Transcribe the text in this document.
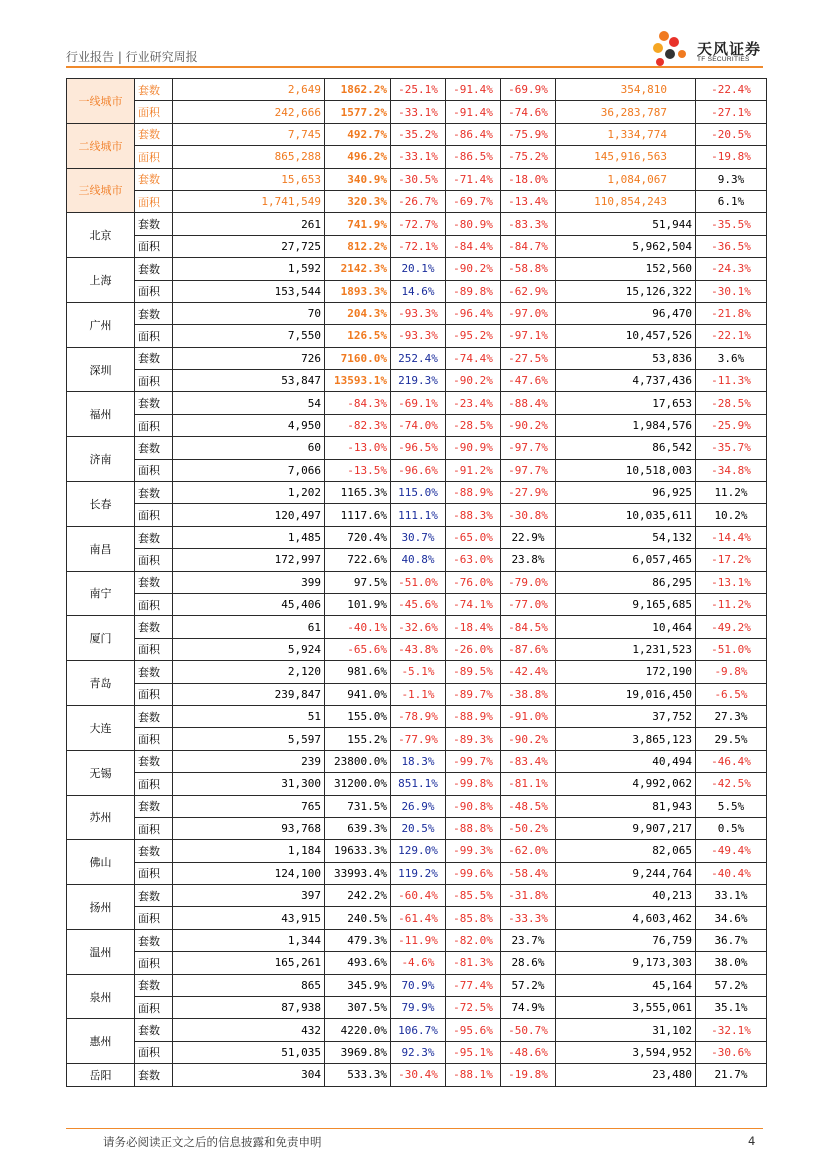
行业报告 | 行业研究周报	天风证券
TF SECURITIES
一线城市	套数	2,649	1862.2%	-25.1%	-91.4%	-69.9%	354,810	-22.4%
	面积	242,666	1577.2%	-33.1%	-91.4%	-74.6%	36,283,787	-27.1%
二线城市	套数	7,745	492.7%	-35.2%	-86.4%	-75.9%	1,334,774	-20.5%
	面积	865,288	496.2%	-33.1%	-86.5%	-75.2%	145,916,563	-19.8%
三线城市	套数	15,653	340.9%	-30.5%	-71.4%	-18.0%	1,084,067	9.3%
	面积	1,741,549	320.3%	-26.7%	-69.7%	-13.4%	110,854,243	6.1%
北京	套数	261	741.9%	-72.7%	-80.9%	-83.3%	51,944	-35.5%
	面积	27,725	812.2%	-72.1%	-84.4%	-84.7%	5,962,504	-36.5%
上海	套数	1,592	2142.3%	20.1%	-90.2%	-58.8%	152,560	-24.3%
	面积	153,544	1893.3%	14.6%	-89.8%	-62.9%	15,126,322	-30.1%
广州	套数	70	204.3%	-93.3%	-96.4%	-97.0%	96,470	-21.8%
	面积	7,550	126.5%	-93.3%	-95.2%	-97.1%	10,457,526	-22.1%
深圳	套数	726	7160.0%	252.4%	-74.4%	-27.5%	53,836	3.6%
	面积	53,847	13593.1%	219.3%	-90.2%	-47.6%	4,737,436	-11.3%
福州	套数	54	-84.3%	-69.1%	-23.4%	-88.4%	17,653	-28.5%
	面积	4,950	-82.3%	-74.0%	-28.5%	-90.2%	1,984,576	-25.9%
济南	套数	60	-13.0%	-96.5%	-90.9%	-97.7%	86,542	-35.7%
	面积	7,066	-13.5%	-96.6%	-91.2%	-97.7%	10,518,003	-34.8%
长春	套数	1,202	1165.3%	115.0%	-88.9%	-27.9%	96,925	11.2%
	面积	120,497	1117.6%	111.1%	-88.3%	-30.8%	10,035,611	10.2%
南昌	套数	1,485	720.4%	30.7%	-65.0%	22.9%	54,132	-14.4%
	面积	172,997	722.6%	40.8%	-63.0%	23.8%	6,057,465	-17.2%
南宁	套数	399	97.5%	-51.0%	-76.0%	-79.0%	86,295	-13.1%
	面积	45,406	101.9%	-45.6%	-74.1%	-77.0%	9,165,685	-11.2%
厦门	套数	61	-40.1%	-32.6%	-18.4%	-84.5%	10,464	-49.2%
	面积	5,924	-65.6%	-43.8%	-26.0%	-87.6%	1,231,523	-51.0%
青岛	套数	2,120	981.6%	-5.1%	-89.5%	-42.4%	172,190	-9.8%
	面积	239,847	941.0%	-1.1%	-89.7%	-38.8%	19,016,450	-6.5%
大连	套数	51	155.0%	-78.9%	-88.9%	-91.0%	37,752	27.3%
	面积	5,597	155.2%	-77.9%	-89.3%	-90.2%	3,865,123	29.5%
无锡	套数	239	23800.0%	18.3%	-99.7%	-83.4%	40,494	-46.4%
	面积	31,300	31200.0%	851.1%	-99.8%	-81.1%	4,992,062	-42.5%
苏州	套数	765	731.5%	26.9%	-90.8%	-48.5%	81,943	5.5%
	面积	93,768	639.3%	20.5%	-88.8%	-50.2%	9,907,217	0.5%
佛山	套数	1,184	19633.3%	129.0%	-99.3%	-62.0%	82,065	-49.4%
	面积	124,100	33993.4%	119.2%	-99.6%	-58.4%	9,244,764	-40.4%
扬州	套数	397	242.2%	-60.4%	-85.5%	-31.8%	40,213	33.1%
	面积	43,915	240.5%	-61.4%	-85.8%	-33.3%	4,603,462	34.6%
温州	套数	1,344	479.3%	-11.9%	-82.0%	23.7%	76,759	36.7%
	面积	165,261	493.6%	-4.6%	-81.3%	28.6%	9,173,303	38.0%
泉州	套数	865	345.9%	70.9%	-77.4%	57.2%	45,164	57.2%
	面积	87,938	307.5%	79.9%	-72.5%	74.9%	3,555,061	35.1%
惠州	套数	432	4220.0%	106.7%	-95.6%	-50.7%	31,102	-32.1%
	面积	51,035	3969.8%	92.3%	-95.1%	-48.6%	3,594,952	-30.6%
岳阳	套数	304	533.3%	-30.4%	-88.1%	-19.8%	23,480	21.7%
请务必阅读正文之后的信息披露和免责申明	4
